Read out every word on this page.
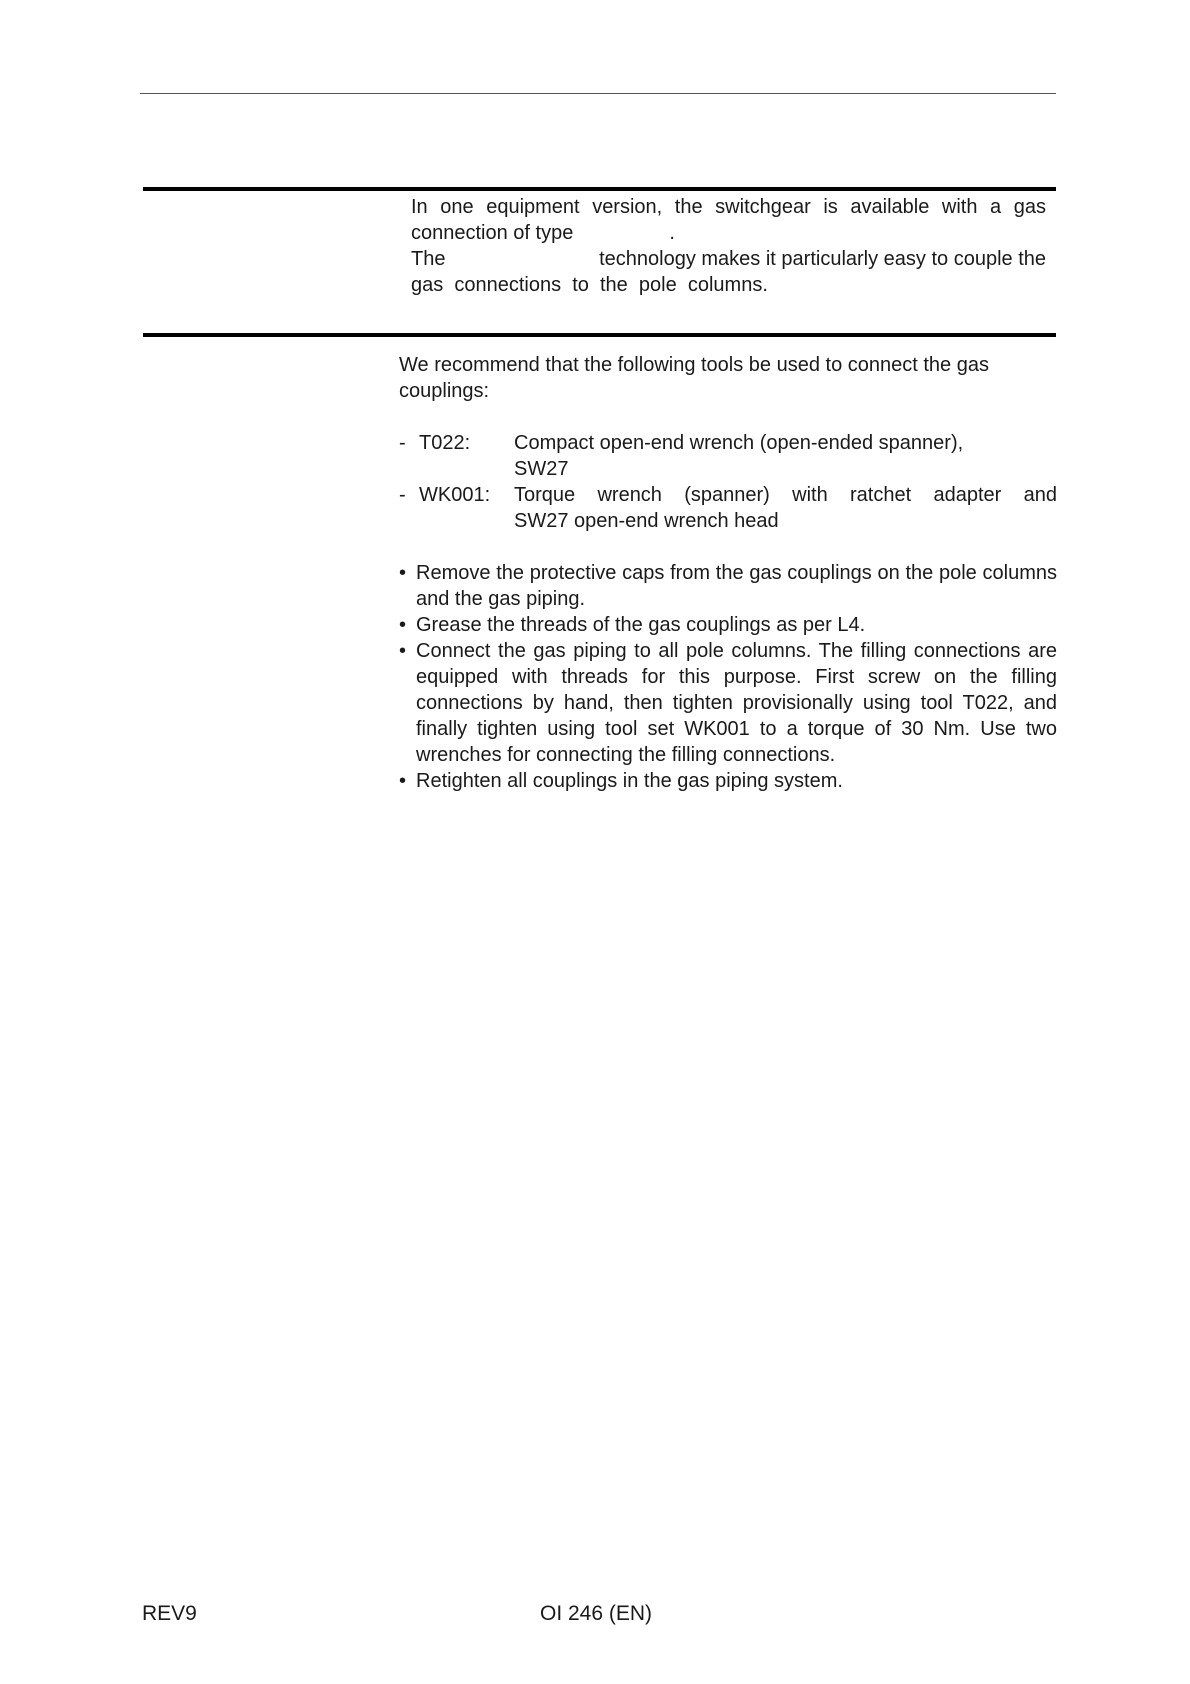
In one equipment version, the switchgear is available with a gas

connection of type	.

The	technology makes it particularly easy to couple the

gas  connections  to  the  pole  columns.

We recommend that the following tools be used to connect the gas

couplings:

- T022:	Compact open-end wrench (open-ended spanner),
SW27
- WK001:	Torque wrench (spanner) with ratchet adapter and
SW27 open-end wrench head
• Remove the protective caps from the gas couplings on the pole columns and the gas piping.
• Grease the threads of the gas couplings as per L4.
• Connect the gas piping to all pole columns. The filling connections are equipped with threads for this purpose. First screw on the filling connections by hand, then tighten provisionally using tool T022, and finally tighten using tool set WK001 to a torque of 30 Nm. Use two wrenches for connecting the filling connections.
• Retighten all couplings in the gas piping system.
REV9	OI 246 (EN)
